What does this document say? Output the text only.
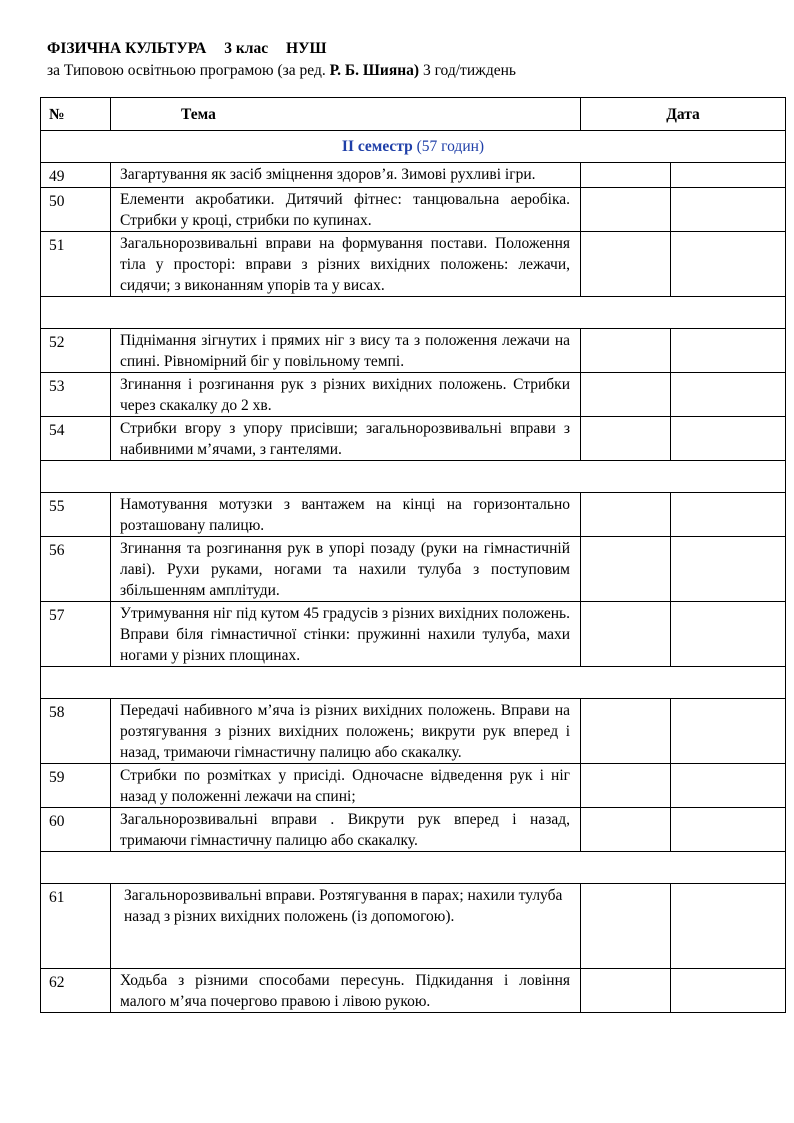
ФІЗИЧНА КУЛЬТУРА 3 клас НУШ
за Типовою освітньою програмою (за ред. Р. Б. Шияна) 3 год/тиждень
№	Тема	Дата	
ІІ семестр (57 годин)			
49	Загартування як засіб зміцнення здоров’я. Зимові рухливі ігри.		
50	Елементи акробатики. Дитячий фітнес: танцювальна аеробіка. Стрибки у кроці, стрибки по купинах.		
51	Загальнорозвивальні вправи на формування постави. Положення тіла у просторі: вправи з різних вихідних положень: лежачи, сидячи; з виконанням упорів та у висах.		

52	Піднімання зігнутих і прямих ніг з вису та з положення лежачи на спині. Рівномірний біг у повільному темпі.		
53	Згинання і розгинання рук з різних вихідних положень. Стрибки через скакалку до 2 хв.		
54	Стрибки вгору з упору присівши; загальнорозвивальні вправи з набивними м’ячами, з гантелями.		

55	Намотування мотузки з вантажем на кінці на горизонтально розташовану палицю.		
56	Згинання та розгинання рук в упорі позаду (руки на гімнастичній лаві). Рухи руками, ногами та нахили тулуба з поступовим збільшенням амплітуди.		
57	Утримування ніг під кутом 45 градусів з різних вихідних положень. Вправи біля гімнастичної стінки: пружинні нахили тулуба, махи ногами у різних площинах.		

58	Передачі набивного м’яча із різних вихідних положень. Вправи на розтягування з різних вихідних положень; викрути рук вперед і назад, тримаючи гімнастичну палицю або скакалку.		
59	Стрибки по розмітках у присіді. Одночасне відведення рук і ніг назад у положенні лежачи на спині;		
60	Загальнорозвивальні вправи . Викрути рук вперед і назад, тримаючи гімнастичну палицю або скакалку.		

61	Загальнорозвивальні вправи. Розтягування в парах; нахили тулуба назад з різних вихідних положень (із допомогою).		
62	Ходьба з різними способами пересунь. Підкидання і ловіння малого м’яча почергово правою і лівою рукою.		
